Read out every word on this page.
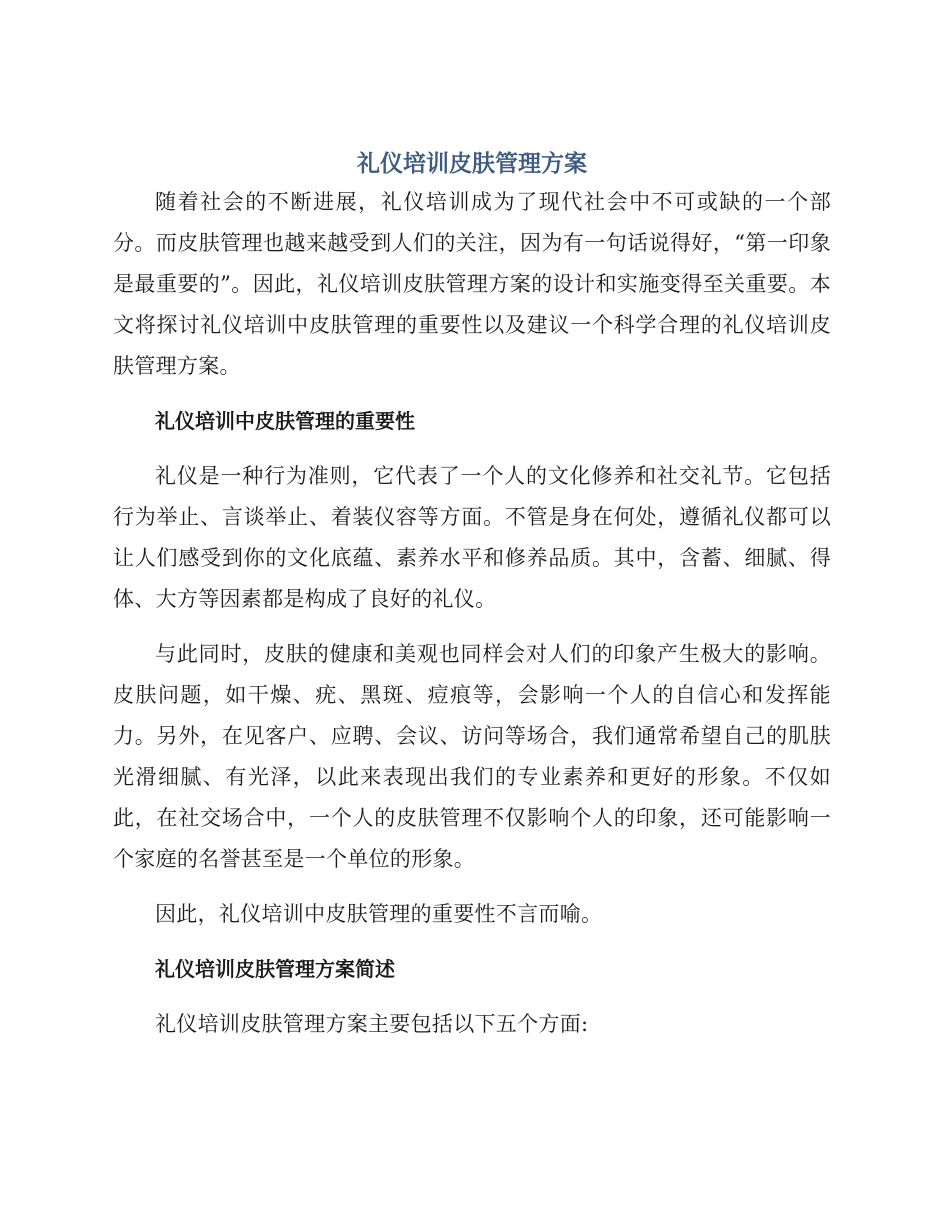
礼仪培训皮肤管理方案

随着社会的不断进展，礼仪培训成为了现代社会中不可或缺的一个部分。而皮肤管理也越来越受到人们的关注，因为有一句话说得好，“第一印象是最重要的”。因此，礼仪培训皮肤管理方案的设计和实施变得至关重要。本文将探讨礼仪培训中皮肤管理的重要性以及建议一个科学合理的礼仪培训皮肤管理方案。

礼仪培训中皮肤管理的重要性

礼仪是一种行为准则，它代表了一个人的文化修养和社交礼节。它包括行为举止、言谈举止、着装仪容等方面。不管是身在何处，遵循礼仪都可以让人们感受到你的文化底蕴、素养水平和修养品质。其中，含蓄、细腻、得体、大方等因素都是构成了良好的礼仪。

与此同时，皮肤的健康和美观也同样会对人们的印象产生极大的影响。皮肤问题，如干燥、疣、黑斑、痘痕等，会影响一个人的自信心和发挥能力。另外，在见客户、应聘、会议、访问等场合，我们通常希望自己的肌肤光滑细腻、有光泽，以此来表现出我们的专业素养和更好的形象。不仅如此，在社交场合中，一个人的皮肤管理不仅影响个人的印象，还可能影响一个家庭的名誉甚至是一个单位的形象。

因此，礼仪培训中皮肤管理的重要性不言而喻。

礼仪培训皮肤管理方案简述

礼仪培训皮肤管理方案主要包括以下五个方面:
